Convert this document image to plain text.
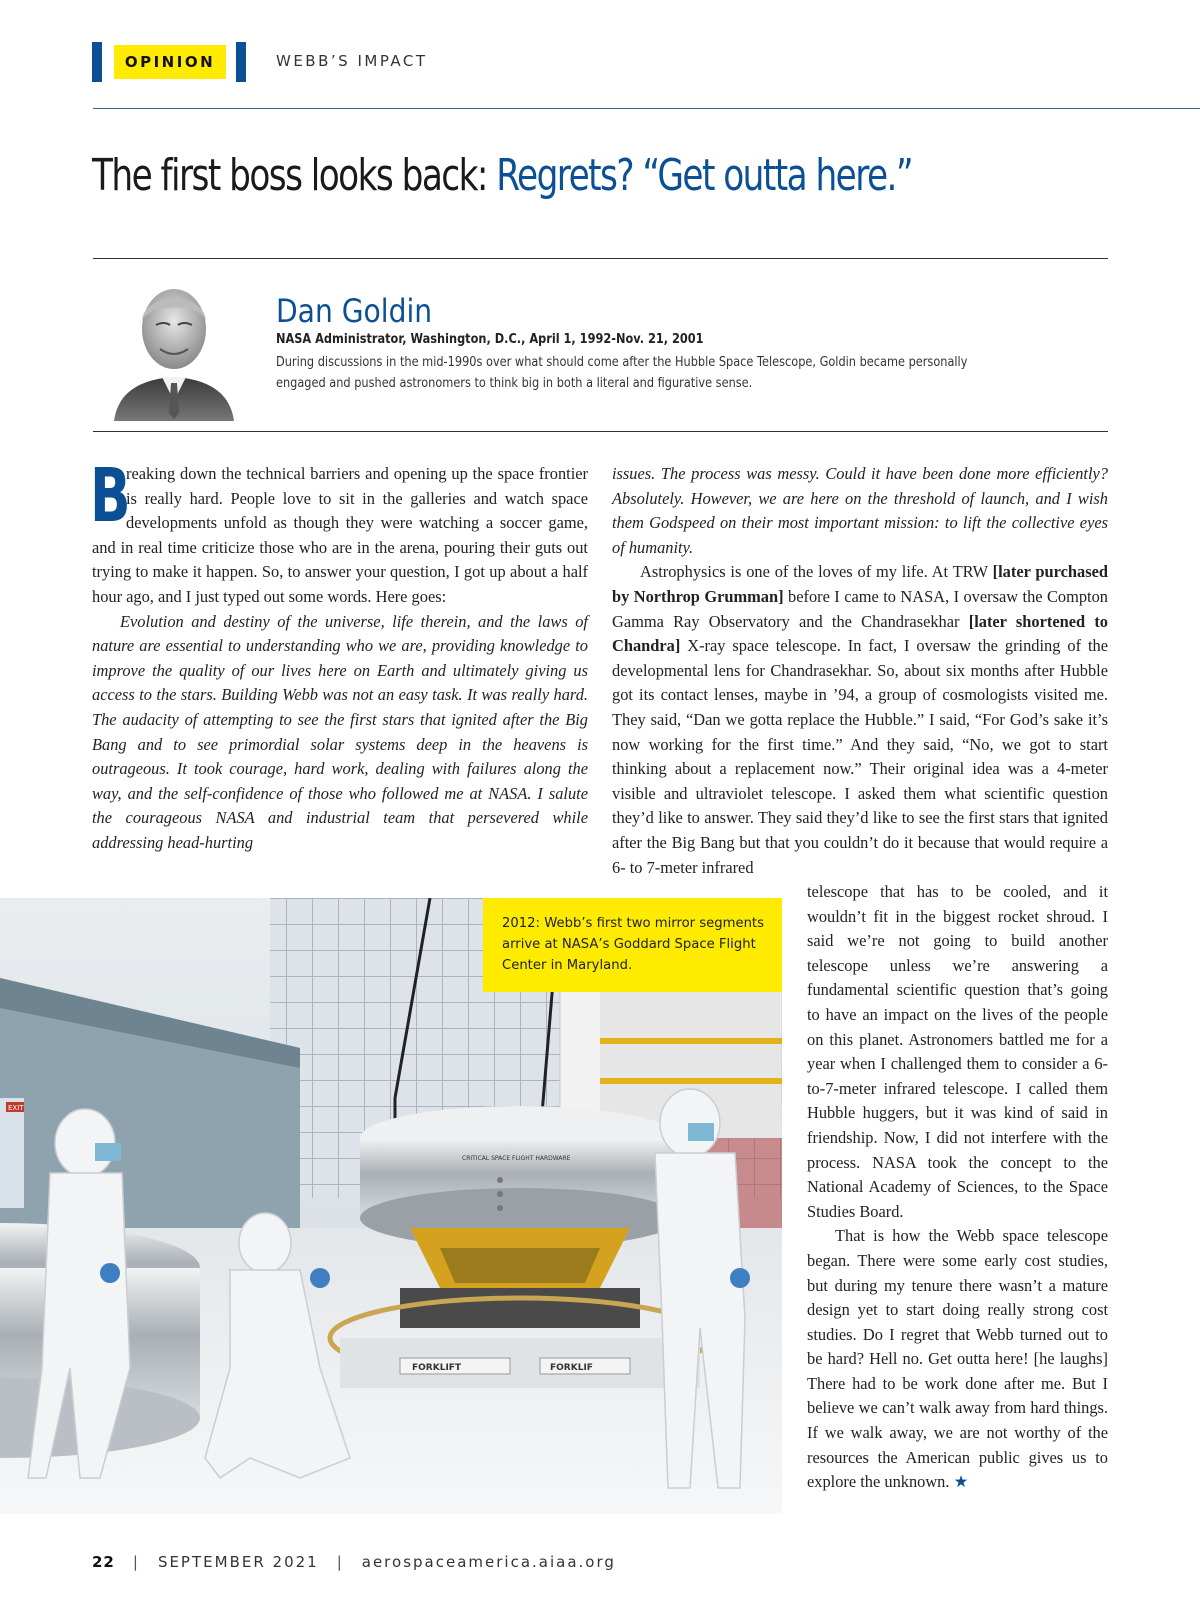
OPINION	WEBB’S IMPACT
The first boss looks back: Regrets? “Get outta here.”
Dan Goldin
NASA Administrator, Washington, D.C., April 1, 1992-Nov. 21, 2001
During discussions in the mid-1990s over what should come after the Hubble Space Telescope, Goldin became personally engaged and pushed astronomers to think big in both a literal and figurative sense.

B
reaking down the technical barriers and opening up the space frontier is really hard. People love to sit in the galleries and watch space developments unfold as though they were watching a soccer game, and in real time criticize those who are in the arena, pouring their guts out trying to make it happen. So, to answer your question, I got up about a half hour ago, and I just typed out some words. Here goes:

Evolution and destiny of the universe, life therein, and the laws of nature are essential to understanding who we are, providing knowledge to improve the quality of our lives here on Earth and ultimately giving us access to the stars. Building Webb was not an easy task. It was really hard. The audacity of attempting to see the first stars that ignited after the Big Bang and to see primordial solar systems deep in the heavens is outrageous. It took courage, hard work, dealing with failures along the way, and the self-confidence of those who followed me at NASA. I salute the courageous NASA and industrial team that persevered while addressing head-hurting

issues. The process was messy. Could it have been done more efficiently? Absolutely. However, we are here on the threshold of launch, and I wish them Godspeed on their most important mission: to lift the collective eyes of humanity.

Astrophysics is one of the loves of my life. At TRW [later purchased by Northrop Grumman] before I came to NASA, I oversaw the Compton Gamma Ray Observatory and the Chandrasekhar [later shortened to Chandra] X-ray space telescope. In fact, I oversaw the grinding of the developmental lens for Chandrasekhar. So, about six months after Hubble got its contact lenses, maybe in ’94, a group of cosmologists visited me. They said, “Dan we gotta replace the Hubble.” I said, “For God’s sake it’s now working for the first time.” And they said, “No, we got to start thinking about a replacement now.” Their original idea was a 4-meter visible and ultraviolet telescope. I asked them what scientific question they’d like to answer. They said they’d like to see the first stars that ignited after the Big Bang but that you couldn’t do it because that would require a 6- to 7-meter infrared

telescope that has to be cooled, and it wouldn’t fit in the biggest rocket shroud. I said we’re not going to build another telescope unless we’re answering a fundamental scientific question that’s going to have an impact on the lives of the people on this planet. Astronomers battled me for a year when I challenged them to consider a 6-to-7-meter infrared telescope. I called them Hubble huggers, but it was kind of said in friendship. Now, I did not interfere with the process. NASA took the concept to the National Academy of Sciences, to the Space Studies Board.

That is how the Webb space telescope began. There were some early cost studies, but during my tenure there wasn’t a mature design yet to start doing really strong cost studies. Do I regret that Webb turned out to be hard? Hell no. Get outta here! [he laughs] There had to be work done after me. But I believe we can’t walk away from hard things. If we walk away, we are not worthy of the resources the American public gives us to explore the unknown. ★

EXIT
CRITICAL SPACE FLIGHT HARDWARE
FORKLIFT	FORKLIF
2012: Webb’s first two mirror segments arrive at NASA’s Goddard Space Flight Center in Maryland.
22 | SEPTEMBER 2021 | aerospaceamerica.aiaa.org
